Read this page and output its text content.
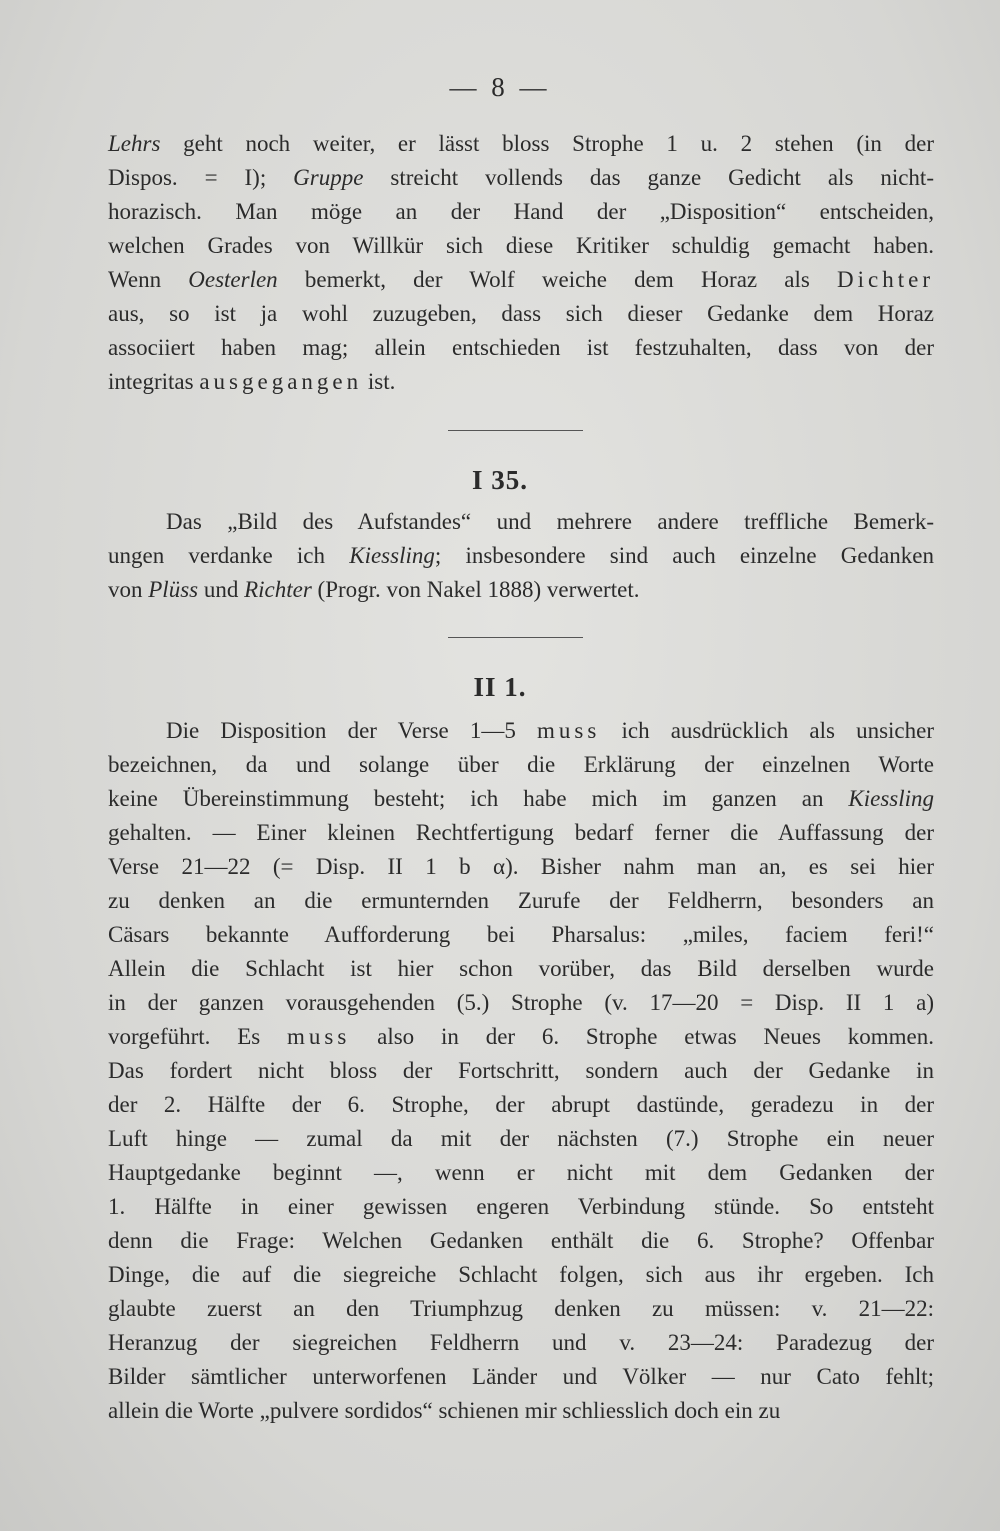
— 8 —
Lehrs geht noch weiter, er lässt bloss Strophe 1 u. 2 stehen (in der
Dispos. = I); Gruppe streicht vollends das ganze Gedicht als nicht-
horazisch. Man möge an der Hand der „Disposition“ entscheiden,
welchen Grades von Willkür sich diese Kritiker schuldig gemacht haben.
Wenn Oesterlen bemerkt, der Wolf weiche dem Horaz als Dichter
aus, so ist ja wohl zuzugeben, dass sich dieser Gedanke dem Horaz
associiert haben mag; allein entschieden ist festzuhalten, dass von der
integritas ausgegangen ist.
I 35.
Das „Bild des Aufstandes“ und mehrere andere treffliche Bemerk-
ungen verdanke ich Kiessling; insbesondere sind auch einzelne Gedanken
von Plüss und Richter (Progr. von Nakel 1888) verwertet.
II 1.
Die Disposition der Verse 1—5 muss ich ausdrücklich als unsicher
bezeichnen, da und solange über die Erklärung der einzelnen Worte
keine Übereinstimmung besteht; ich habe mich im ganzen an Kiessling
gehalten. — Einer kleinen Rechtfertigung bedarf ferner die Auffassung der
Verse 21—22 (= Disp. II 1 b α). Bisher nahm man an, es sei hier
zu denken an die ermunternden Zurufe der Feldherrn, besonders an
Cäsars bekannte Aufforderung bei Pharsalus: „miles, faciem feri!“
Allein die Schlacht ist hier schon vorüber, das Bild derselben wurde
in der ganzen vorausgehenden (5.) Strophe (v. 17—20 = Disp. II 1 a)
vorgeführt. Es muss also in der 6. Strophe etwas Neues kommen.
Das fordert nicht bloss der Fortschritt, sondern auch der Gedanke in
der 2. Hälfte der 6. Strophe, der abrupt dastünde, geradezu in der
Luft hinge — zumal da mit der nächsten (7.) Strophe ein neuer
Hauptgedanke beginnt —, wenn er nicht mit dem Gedanken der
1. Hälfte in einer gewissen engeren Verbindung stünde. So entsteht
denn die Frage: Welchen Gedanken enthält die 6. Strophe? Offenbar
Dinge, die auf die siegreiche Schlacht folgen, sich aus ihr ergeben. Ich
glaubte zuerst an den Triumphzug denken zu müssen: v. 21—22:
Heranzug der siegreichen Feldherrn und v. 23—24: Paradezug der
Bilder sämtlicher unterworfenen Länder und Völker — nur Cato fehlt;
allein die Worte „pulvere sordidos“ schienen mir schliesslich doch ein zu
